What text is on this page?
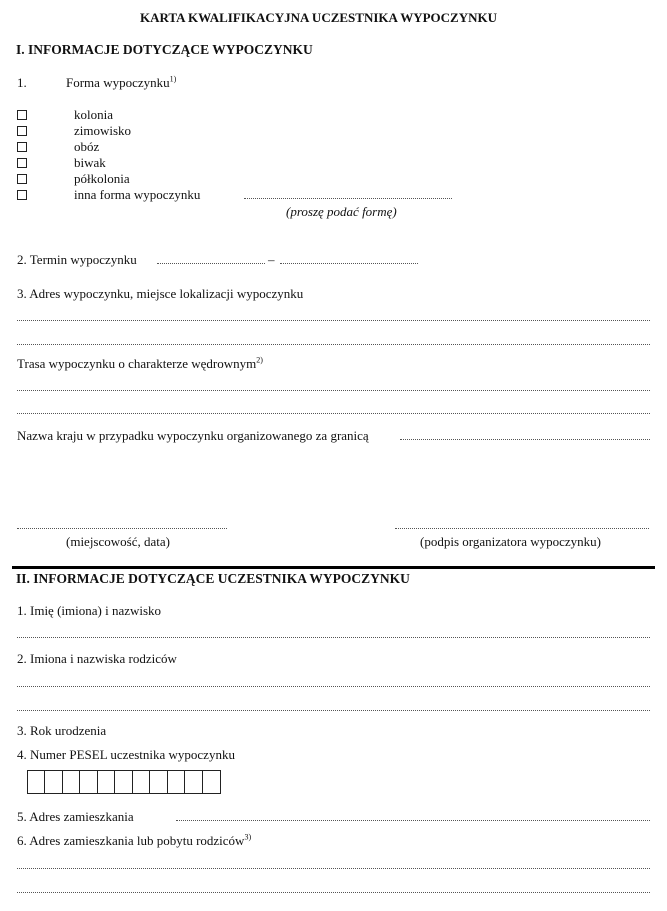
KARTA KWALIFIKACYJNA UCZESTNIKA WYPOCZYNKU
I. INFORMACJE DOTYCZĄCE WYPOCZYNKU
1.	Forma wypoczynku$^{1)}$
kolonia
zimowisko
obóz
biwak
półkolonia
inna forma wypoczynku
(proszę podać formę)
2. Termin wypoczynku	–
3. Adres wypoczynku, miejsce lokalizacji wypoczynku
Trasa wypoczynku o charakterze wędrownym$^{2)}$
Nazwa kraju w przypadku wypoczynku organizowanego za granicą
(miejscowość, data)	(podpis organizatora wypoczynku)
II. INFORMACJE DOTYCZĄCE UCZESTNIKA WYPOCZYNKU
1. Imię (imiona) i nazwisko
2. Imiona i nazwiska rodziców
3. Rok urodzenia
4. Numer PESEL uczestnika wypoczynku
5. Adres zamieszkania
6. Adres zamieszkania lub pobytu rodziców$^{3)}$
